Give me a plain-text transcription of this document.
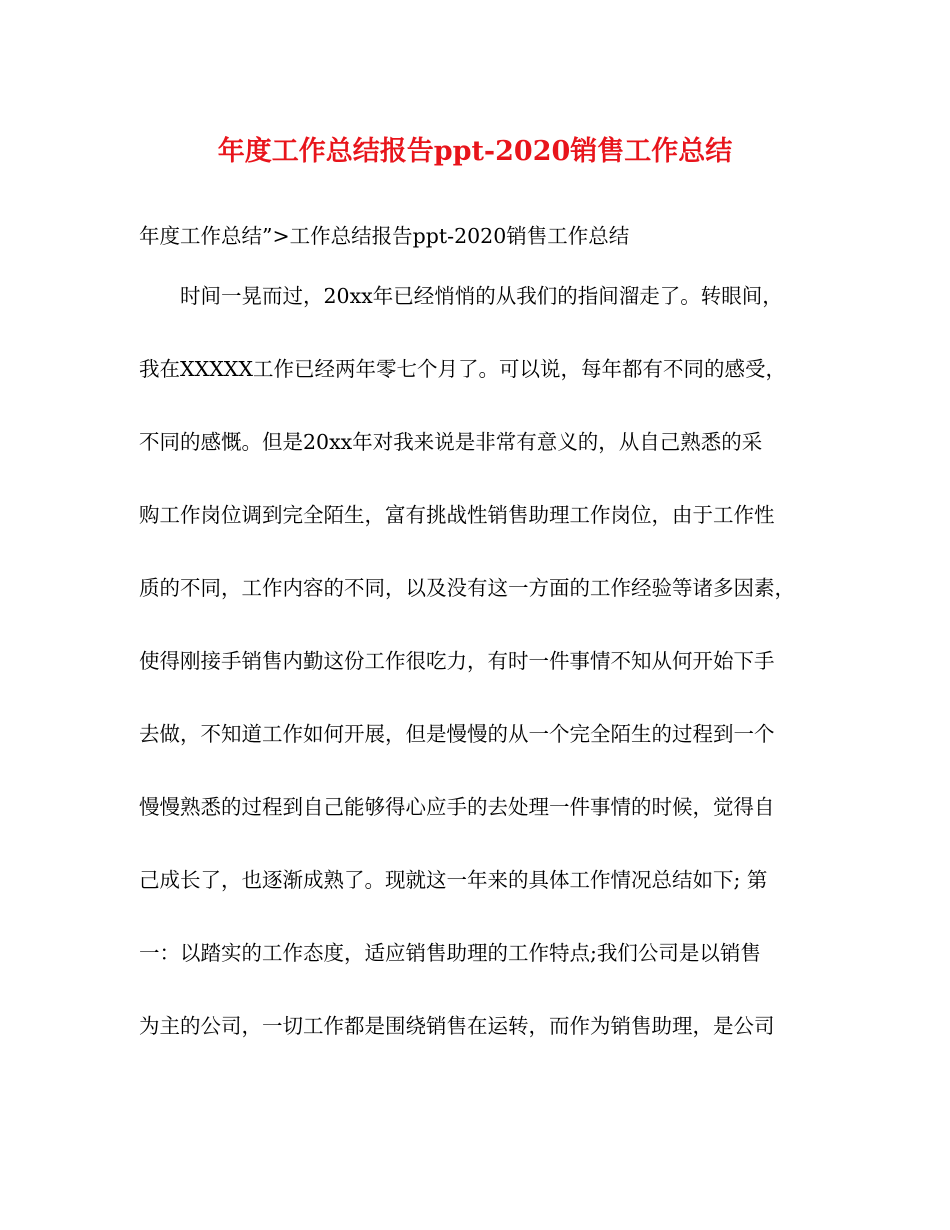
年度工作总结报告ppt-2020销售工作总结
年度工作总结”>工作总结报告ppt-2020销售工作总结
时间一晃而过，20xx年已经悄悄的从我们的指间溜走了。转眼间，
我在XXXXX工作已经两年零七个月了。可以说，每年都有不同的感受，
不同的感慨。但是20xx年对我来说是非常有意义的，从自己熟悉的采
购工作岗位调到完全陌生，富有挑战性销售助理工作岗位，由于工作性
质的不同，工作内容的不同，以及没有这一方面的工作经验等诸多因素，
使得刚接手销售内勤这份工作很吃力，有时一件事情不知从何开始下手
去做，不知道工作如何开展，但是慢慢的从一个完全陌生的过程到一个
慢慢熟悉的过程到自己能够得心应手的去处理一件事情的时候，觉得自
己成长了，也逐渐成熟了。现就这一年来的具体工作情况总结如下; 第
一：以踏实的工作态度，适应销售助理的工作特点;我们公司是以销售
为主的公司，一切工作都是围绕销售在运转，而作为销售助理，是公司
